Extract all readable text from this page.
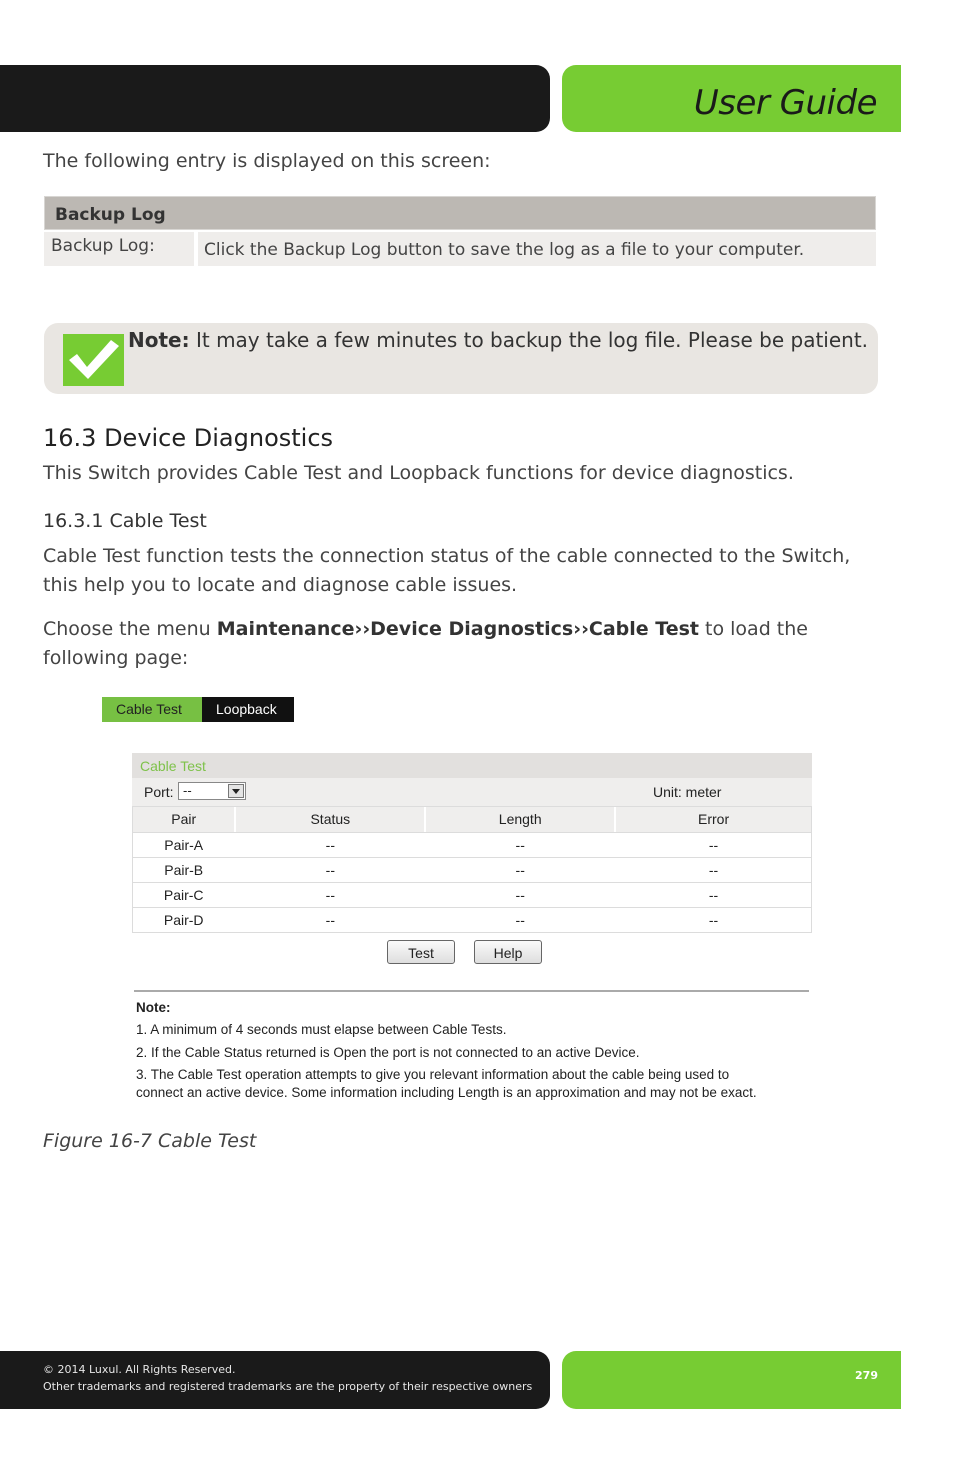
User Guide
The following entry is displayed on this screen:
Backup Log
Backup Log:	Click the Backup Log button to save the log as a file to your computer.
Note: It may take a few minutes to backup the log file. Please be patient.
16.3 Device Diagnostics
This Switch provides Cable Test and Loopback functions for device diagnostics.
16.3.1 Cable Test
Cable Test function tests the connection status of the cable connected to the Switch,
this help you to locate and diagnose cable issues.
Choose the menu Maintenance››Device Diagnostics››Cable Test to load the
following page:
Cable Test	Loopback
Cable Test
Port: --	Unit: meter
Pair	Status	Length	Error
Pair-A	--	--	--
Pair-B	--	--	--
Pair-C	--	--	--
Pair-D	--	--	--
Test	Help
Note:
1. A minimum of 4 seconds must elapse between Cable Tests.
2. If the Cable Status returned is Open the port is not connected to an active Device.
3. The Cable Test operation attempts to give you relevant information about the cable being used to
connect an active device. Some information including Length is an approximation and may not be exact.
Figure 16-7 Cable Test
© 2014 Luxul. All Rights Reserved.
Other trademarks and registered trademarks are the property of their respective owners
279
